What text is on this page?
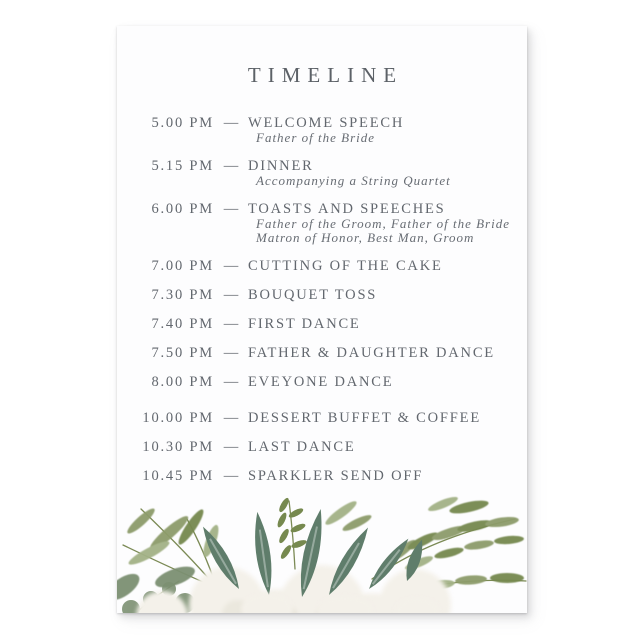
TIMELINE
5.00 PM — WELCOME SPEECH
Father of the Bride
5.15 PM — DINNER
Accompanying a String Quartet
6.00 PM — TOASTS AND SPEECHES
Father of the Groom, Father of the Bride
Matron of Honor, Best Man, Groom
7.00 PM — CUTTING OF THE CAKE
7.30 PM — BOUQUET TOSS
7.40 PM — FIRST DANCE
7.50 PM — FATHER & DAUGHTER DANCE
8.00 PM — EVEYONE DANCE
10.00 PM — DESSERT BUFFET & COFFEE
10.30 PM — LAST DANCE
10.45 PM — SPARKLER SEND OFF
